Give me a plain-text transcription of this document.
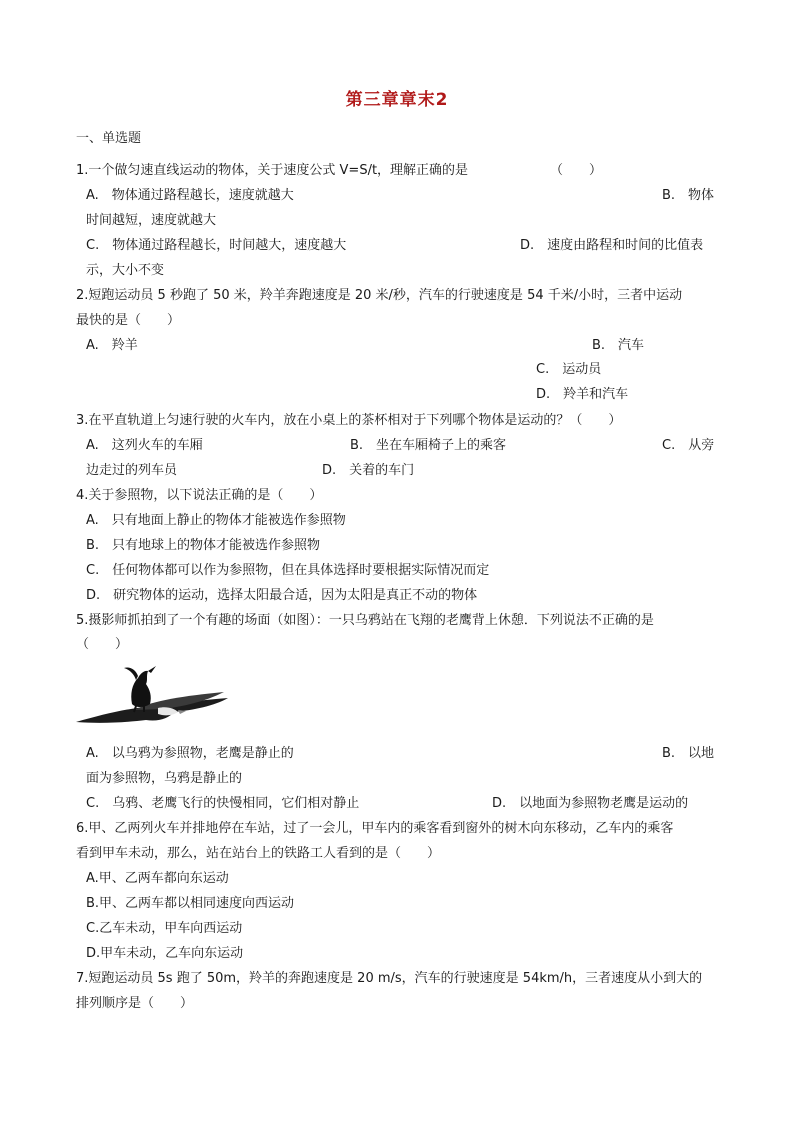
第三章章末2
一、单选题
1.一个做匀速直线运动的物体，关于速度公式 V=S/t，理解正确的是	（　　）
A.　物体通过路程越长，速度就越大	B.　物体
时间越短，速度就越大
C.　物体通过路程越长，时间越大，速度越大	D.　速度由路程和时间的比值表
示，大小不变
2.短跑运动员 5 秒跑了 50 米，羚羊奔跑速度是 20 米/秒，汽车的行驶速度是 54 千米/小时，三者中运动
最快的是（　　）
A.　羚羊	B.　汽车
C.　运动员
D.　羚羊和汽车
3.在平直轨道上匀速行驶的火车内，放在小桌上的茶杯相对于下列哪个物体是运动的？（　　）
A.　这列火车的车厢	B.　坐在车厢椅子上的乘客	C.　从旁
边走过的列车员	D.　关着的车门
4.关于参照物，以下说法正确的是（　　）
A.　只有地面上静止的物体才能被选作参照物
B.　只有地球上的物体才能被选作参照物
C.　任何物体都可以作为参照物，但在具体选择时要根据实际情况而定
D.　研究物体的运动，选择太阳最合适，因为太阳是真正不动的物体
5.摄影师抓拍到了一个有趣的场面（如图）：一只乌鸦站在飞翔的老鹰背上休憩．下列说法不正确的是
（　　）
A.　以乌鸦为参照物，老鹰是静止的	B.　以地
面为参照物，乌鸦是静止的
C.　乌鸦、老鹰飞行的快慢相同，它们相对静止	D.　以地面为参照物老鹰是运动的
6.甲、乙两列火车并排地停在车站，过了一会儿，甲车内的乘客看到窗外的树木向东移动，乙车内的乘客
看到甲车未动，那么，站在站台上的铁路工人看到的是（　　）
A.甲、乙两车都向东运动
B.甲、乙两车都以相同速度向西运动
C.乙车未动，甲车向西运动
D.甲车未动，乙车向东运动
7.短跑运动员 5s 跑了 50m，羚羊的奔跑速度是 20 m/s，汽车的行驶速度是 54km/h，三者速度从小到大的
排列顺序是（　　）
